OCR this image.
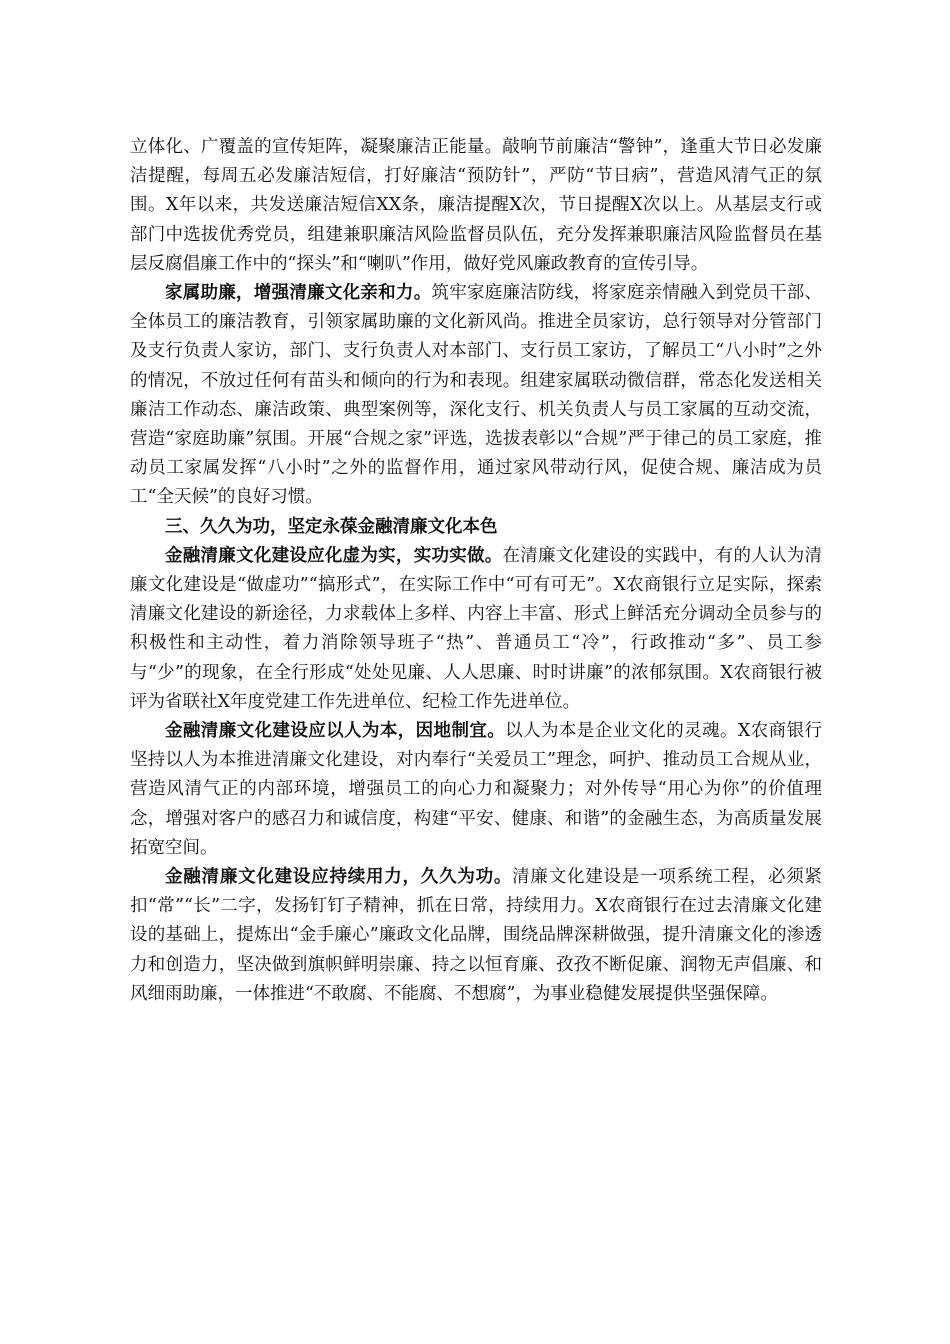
立体化、广覆盖的宣传矩阵，凝聚廉洁正能量。敲响节前廉洁“警钟”，逢重大节日必发廉洁提醒，每周五必发廉洁短信，打好廉洁“预防针”，严防“节日病”，营造风清气正的氛围。X年以来，共发送廉洁短信XX条，廉洁提醒X次，节日提醒X次以上。从基层支行或部门中选拔优秀党员，组建兼职廉洁风险监督员队伍，充分发挥兼职廉洁风险监督员在基层反腐倡廉工作中的“探头”和“喇叭”作用，做好党风廉政教育的宣传引导。

家属助廉，增强清廉文化亲和力。筑牢家庭廉洁防线，将家庭亲情融入到党员干部、全体员工的廉洁教育，引领家属助廉的文化新风尚。推进全员家访，总行领导对分管部门及支行负责人家访，部门、支行负责人对本部门、支行员工家访，了解员工“八小时”之外的情况，不放过任何有苗头和倾向的行为和表现。组建家属联动微信群，常态化发送相关廉洁工作动态、廉洁政策、典型案例等，深化支行、机关负责人与员工家属的互动交流，营造“家庭助廉”氛围。开展“合规之家”评选，选拔表彰以“合规”严于律己的员工家庭，推动员工家属发挥“八小时”之外的监督作用，通过家风带动行风，促使合规、廉洁成为员工“全天候”的良好习惯。

三、久久为功，坚定永葆金融清廉文化本色

金融清廉文化建设应化虚为实，实功实做。在清廉文化建设的实践中，有的人认为清廉文化建设是“做虚功”“搞形式”，在实际工作中“可有可无”。X农商银行立足实际，探索清廉文化建设的新途径，力求载体上多样、内容上丰富、形式上鲜活充分调动全员参与的积极性和主动性，着力消除领导班子“热”、普通员工“冷”，行政推动“多”、员工参与“少”的现象，在全行形成“处处见廉、人人思廉、时时讲廉”的浓郁氛围。X农商银行被评为省联社X年度党建工作先进单位、纪检工作先进单位。

金融清廉文化建设应以人为本，因地制宜。以人为本是企业文化的灵魂。X农商银行坚持以人为本推进清廉文化建设，对内奉行“关爱员工”理念，呵护、推动员工合规从业，营造风清气正的内部环境，增强员工的向心力和凝聚力；对外传导“用心为你”的价值理念，增强对客户的感召力和诚信度，构建“平安、健康、和谐”的金融生态，为高质量发展拓宽空间。

金融清廉文化建设应持续用力，久久为功。清廉文化建设是一项系统工程，必须紧扣“常”“长”二字，发扬钉钉子精神，抓在日常，持续用力。X农商银行在过去清廉文化建设的基础上，提炼出“金手廉心”廉政文化品牌，围绕品牌深耕做强，提升清廉文化的渗透力和创造力，坚决做到旗帜鲜明崇廉、持之以恒育廉、孜孜不断促廉、润物无声倡廉、和风细雨助廉，一体推进“不敢腐、不能腐、不想腐”，为事业稳健发展提供坚强保障。
